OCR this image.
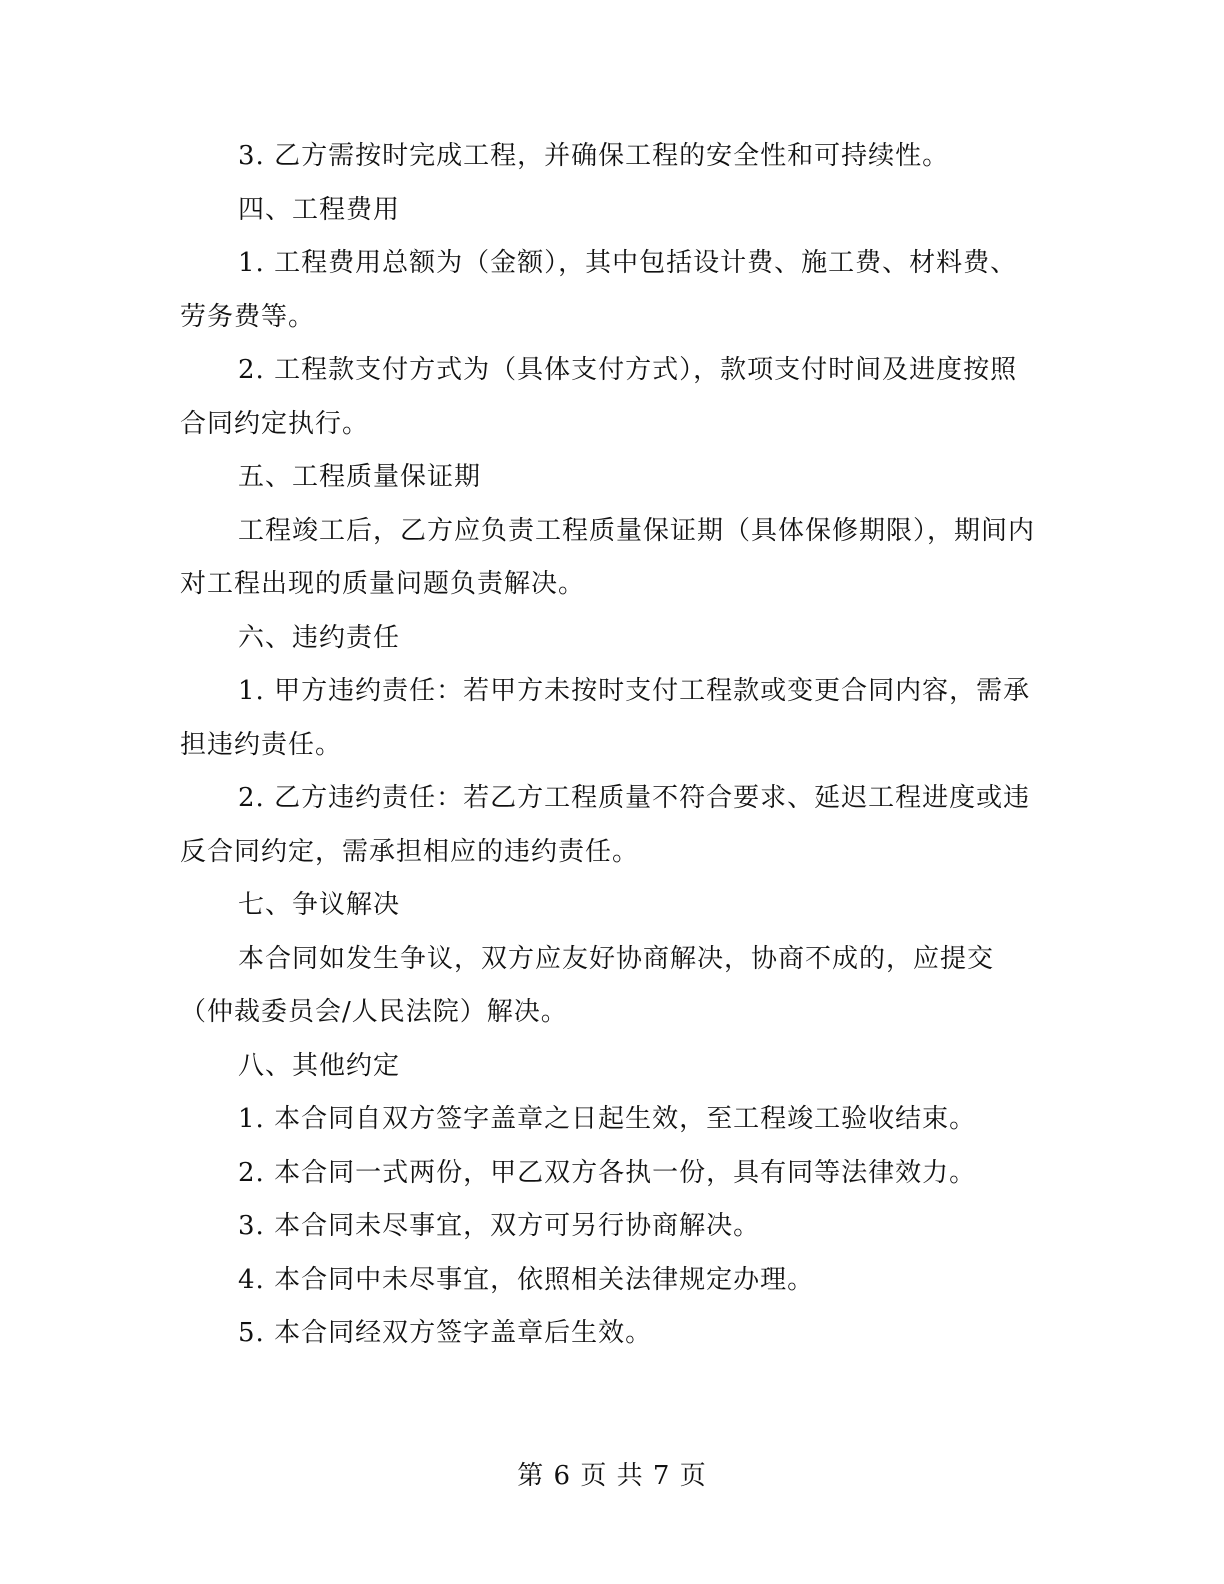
3. 乙方需按时完成工程，并确保工程的安全性和可持续性。

四、工程费用

1. 工程费用总额为（金额），其中包括设计费、施工费、材料费、劳务费等。

2. 工程款支付方式为（具体支付方式），款项支付时间及进度按照合同约定执行。

五、工程质量保证期

工程竣工后，乙方应负责工程质量保证期（具体保修期限），期间内对工程出现的质量问题负责解决。

六、违约责任

1. 甲方违约责任：若甲方未按时支付工程款或变更合同内容，需承担违约责任。

2. 乙方违约责任：若乙方工程质量不符合要求、延迟工程进度或违反合同约定，需承担相应的违约责任。

七、争议解决

本合同如发生争议，双方应友好协商解决，协商不成的，应提交（仲裁委员会/人民法院）解决。

八、其他约定

1. 本合同自双方签字盖章之日起生效，至工程竣工验收结束。

2. 本合同一式两份，甲乙双方各执一份，具有同等法律效力。

3. 本合同未尽事宜，双方可另行协商解决。

4. 本合同中未尽事宜，依照相关法律规定办理。

5. 本合同经双方签字盖章后生效。

第 6 页 共 7 页
